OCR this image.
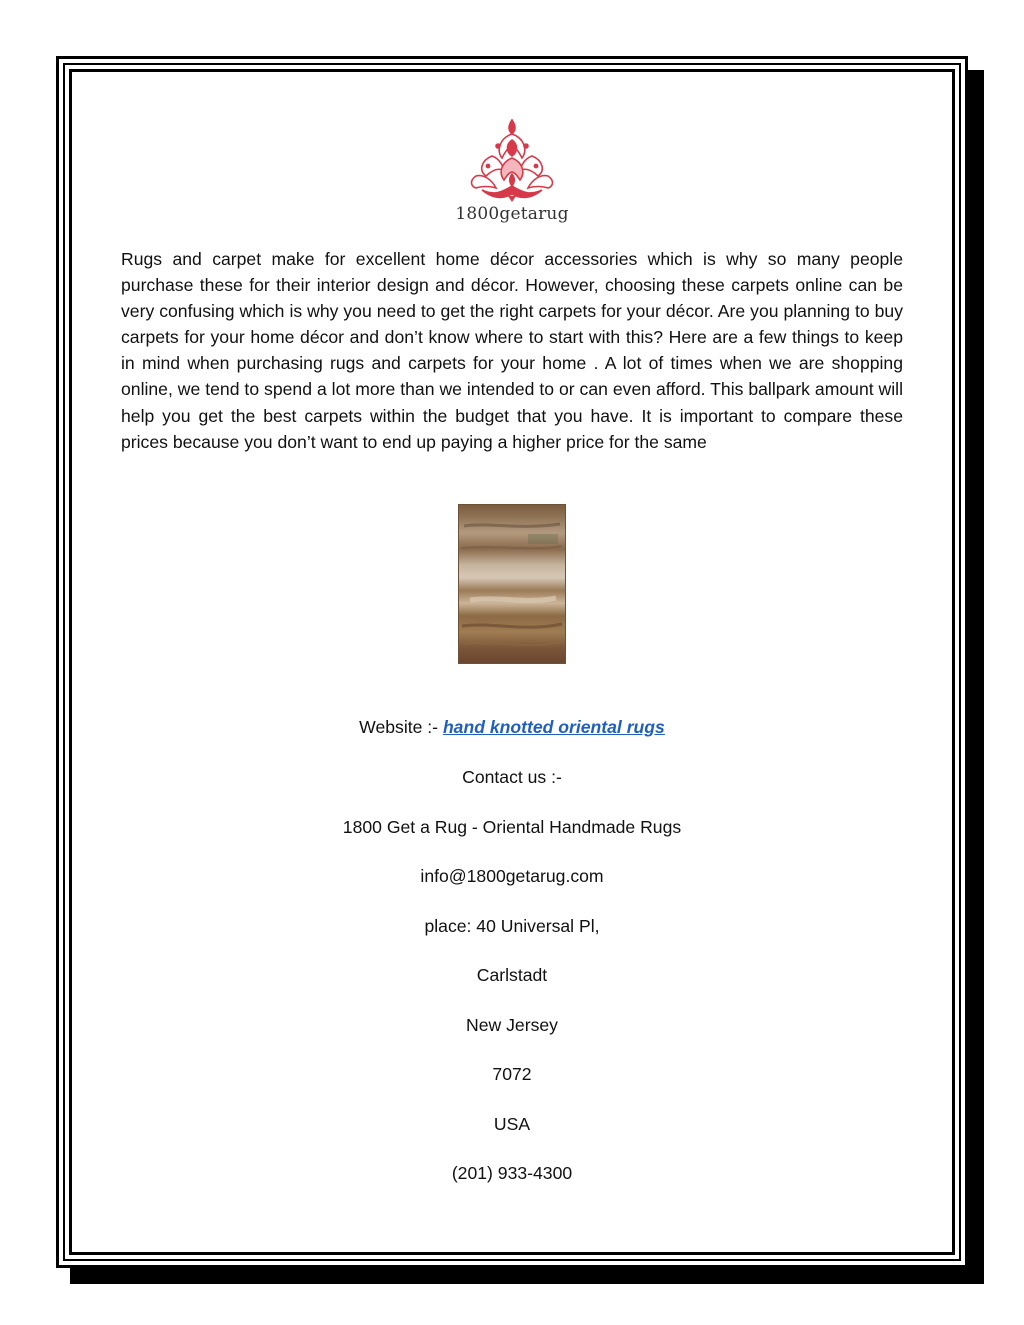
1800getarug

Rugs and carpet make for excellent home décor accessories which is why so many people purchase these for their interior design and décor. However, choosing these carpets online can be very confusing which is why you need to get the right carpets for your décor. Are you planning to buy carpets for your home décor and don’t know where to start with this? Here are a few things to keep in mind when purchasing rugs and carpets for your home . A lot of times when we are shopping online, we tend to spend a lot more than we intended to or can even afford. This ballpark amount will help you get the best carpets within the budget that you have. It is important to compare these prices because you don’t want to end up paying a higher price for the same

Website :- hand knotted oriental rugs

Contact us :-

1800 Get a Rug - Oriental Handmade Rugs

info@1800getarug.com

place: 40 Universal Pl,

Carlstadt

New Jersey

7072

USA

(201) 933-4300
